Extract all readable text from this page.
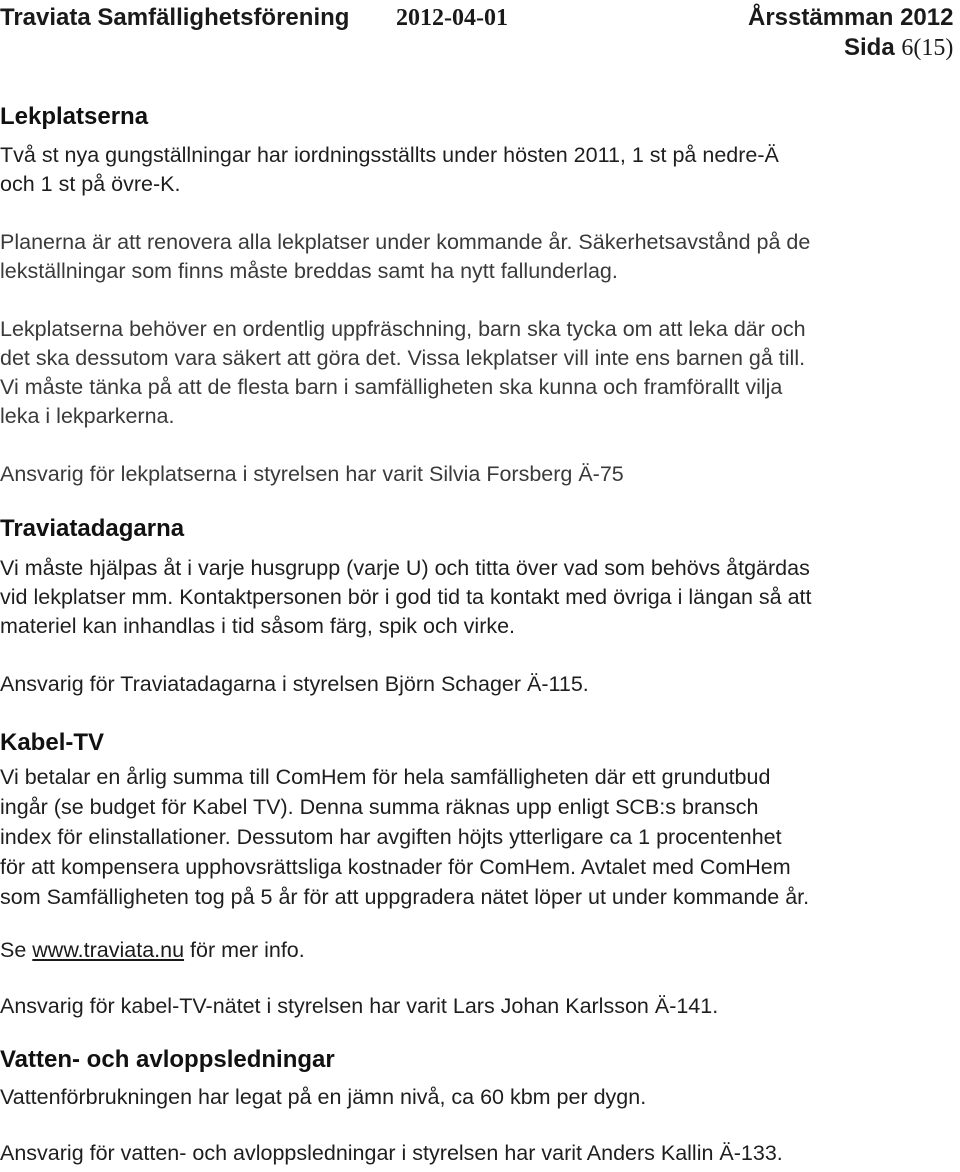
Traviata Samfällighetsförening 2012-04-01	Årsstämman 2012
Sida 6(15)
Lekplatserna
Två st nya gungställningar har iordningsställts under hösten 2011, 1 st på nedre-Ä
och 1 st på övre-K.
Planerna är att renovera alla lekplatser under kommande år. Säkerhetsavstånd på de
lekställningar som finns måste breddas samt ha nytt fallunderlag.
Lekplatserna behöver en ordentlig uppfräschning, barn ska tycka om att leka där och
det ska dessutom vara säkert att göra det. Vissa lekplatser vill inte ens barnen gå till.
Vi måste tänka på att de flesta barn i samfälligheten ska kunna och framförallt vilja
leka i lekparkerna.
Ansvarig för lekplatserna i styrelsen har varit Silvia Forsberg Ä-75
Traviatadagarna
Vi måste hjälpas åt i varje husgrupp (varje U) och titta över vad som behövs åtgärdas
vid lekplatser mm. Kontaktpersonen bör i god tid ta kontakt med övriga i längan så att
materiel kan inhandlas i tid såsom färg, spik och virke.
Ansvarig för Traviatadagarna i styrelsen Björn Schager Ä-115.
Kabel-TV
Vi betalar en årlig summa till ComHem för hela samfälligheten där ett grundutbud
ingår (se budget för Kabel TV). Denna summa räknas upp enligt SCB:s bransch
index för elinstallationer. Dessutom har avgiften höjts ytterligare ca 1 procentenhet
för att kompensera upphovsrättsliga kostnader för ComHem. Avtalet med ComHem
som Samfälligheten tog på 5 år för att uppgradera nätet löper ut under kommande år.
Se www.traviata.nu för mer info.
Ansvarig för kabel-TV-nätet i styrelsen har varit Lars Johan Karlsson Ä-141.
Vatten- och avloppsledningar
Vattenförbrukningen har legat på en jämn nivå, ca 60 kbm per dygn.
Ansvarig för vatten- och avloppsledningar i styrelsen har varit Anders Kallin Ä-133.
